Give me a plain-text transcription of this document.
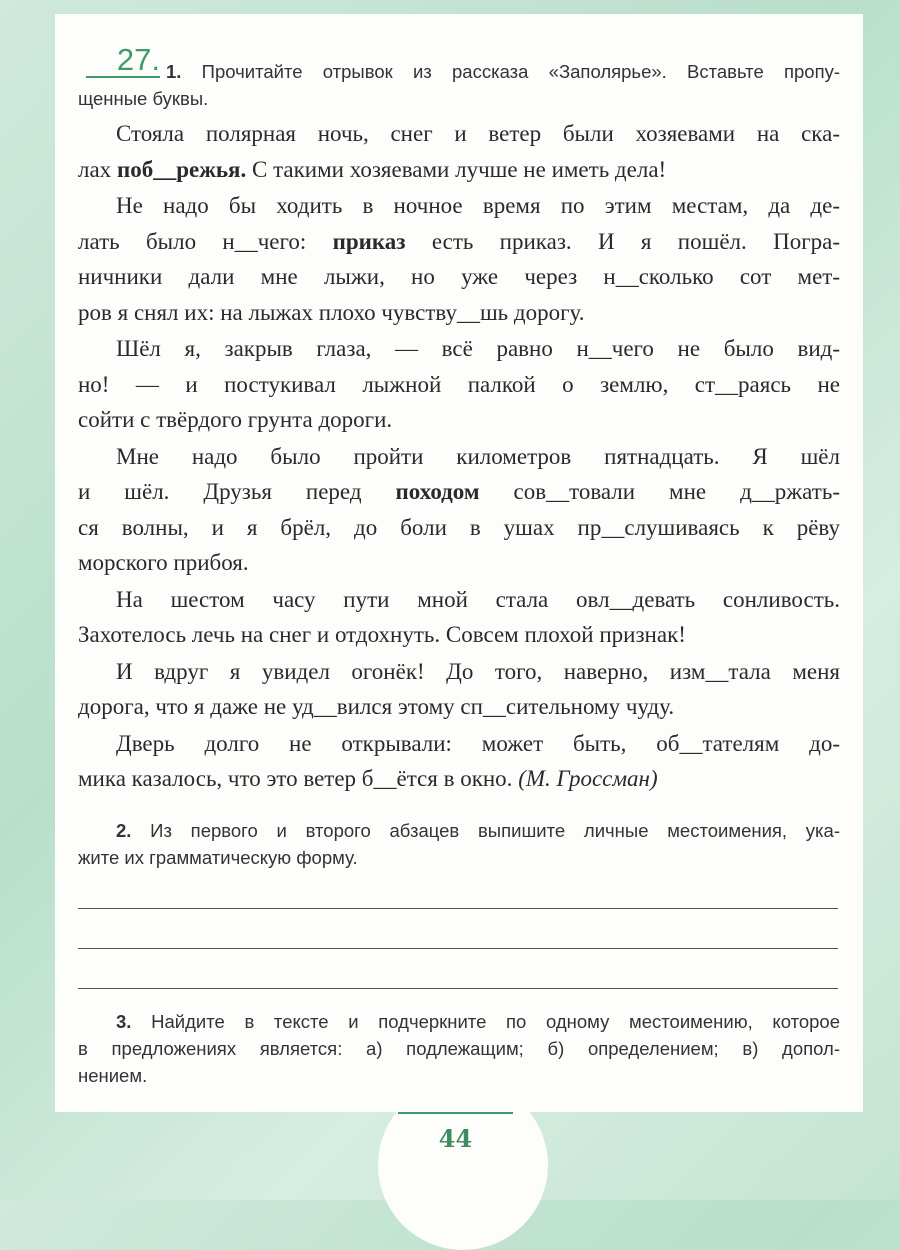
44
27. 1. Прочитайте отрывок из рассказа «Заполярье». Вставьте пропу-
щенные буквы.
Стояла полярная ночь, снег и ветер были хозяевами на ска-
лах поб__режья. С такими хозяевами лучше не иметь дела!
Не надо бы ходить в ночное время по этим местам, да де-
лать было н__чего: приказ есть приказ. И я пошёл. Погра-
ничники дали мне лыжи, но уже через н__сколько сот мет-
ров я снял их: на лыжах плохо чувству__шь дорогу.
Шёл я, закрыв глаза, — всё равно н__чего не было вид-
но! — и постукивал лыжной палкой о землю, ст__раясь не
сойти с твёрдого грунта дороги.
Мне надо было пройти километров пятнадцать. Я шёл
и шёл. Друзья перед походом сов__товали мне д__ржать-
ся волны, и я брёл, до боли в ушах пр__слушиваясь к рёву
морского прибоя.
На шестом часу пути мной стала овл__девать сонливость.
Захотелось лечь на снег и отдохнуть. Совсем плохой признак!
И вдруг я увидел огонёк! До того, наверно, изм__тала меня
дорога, что я даже не уд__вился этому сп__сительному чуду.
Дверь долго не открывали: может быть, об__тателям до-
мика казалось, что это ветер б__ётся в окно. (М. Гроссман)
2. Из первого и второго абзацев выпишите личные местоимения, ука-
жите их грамматическую форму.
3. Найдите в тексте и подчеркните по одному местоимению, которое
в предложениях является: а) подлежащим; б) определением; в) допол-
нением.
